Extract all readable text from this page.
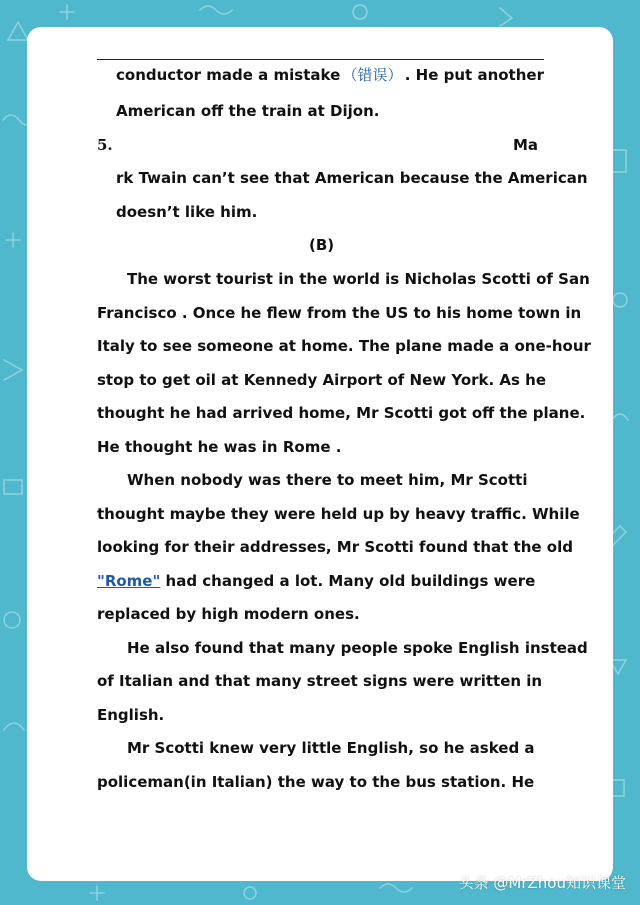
conductor made a mistake （错误） . He put another

American off the train at Dijon.

5.	Ma

rk Twain can’t see that American because the American

doesn’t like him.

(B)

The worst tourist in the world is Nicholas Scotti of San

Francisco . Once he flew from the US to his home town in

Italy to see someone at home. The plane made a one-hour

stop to get oil at Kennedy Airport of New York. As he

thought he had arrived home, Mr Scotti got off the plane.

He thought he was in Rome .

When nobody was there to meet him, Mr Scotti

thought maybe they were held up by heavy traffic. While

looking for their addresses, Mr Scotti found that the old

"Rome" had changed a lot. Many old buildings were

replaced by high modern ones.

He also found that many people spoke English instead

of Italian and that many street signs were written in

English.

Mr Scotti knew very little English, so he asked a

policeman(in Italian) the way to the bus station. He

头条 @MrZhou知识课堂
